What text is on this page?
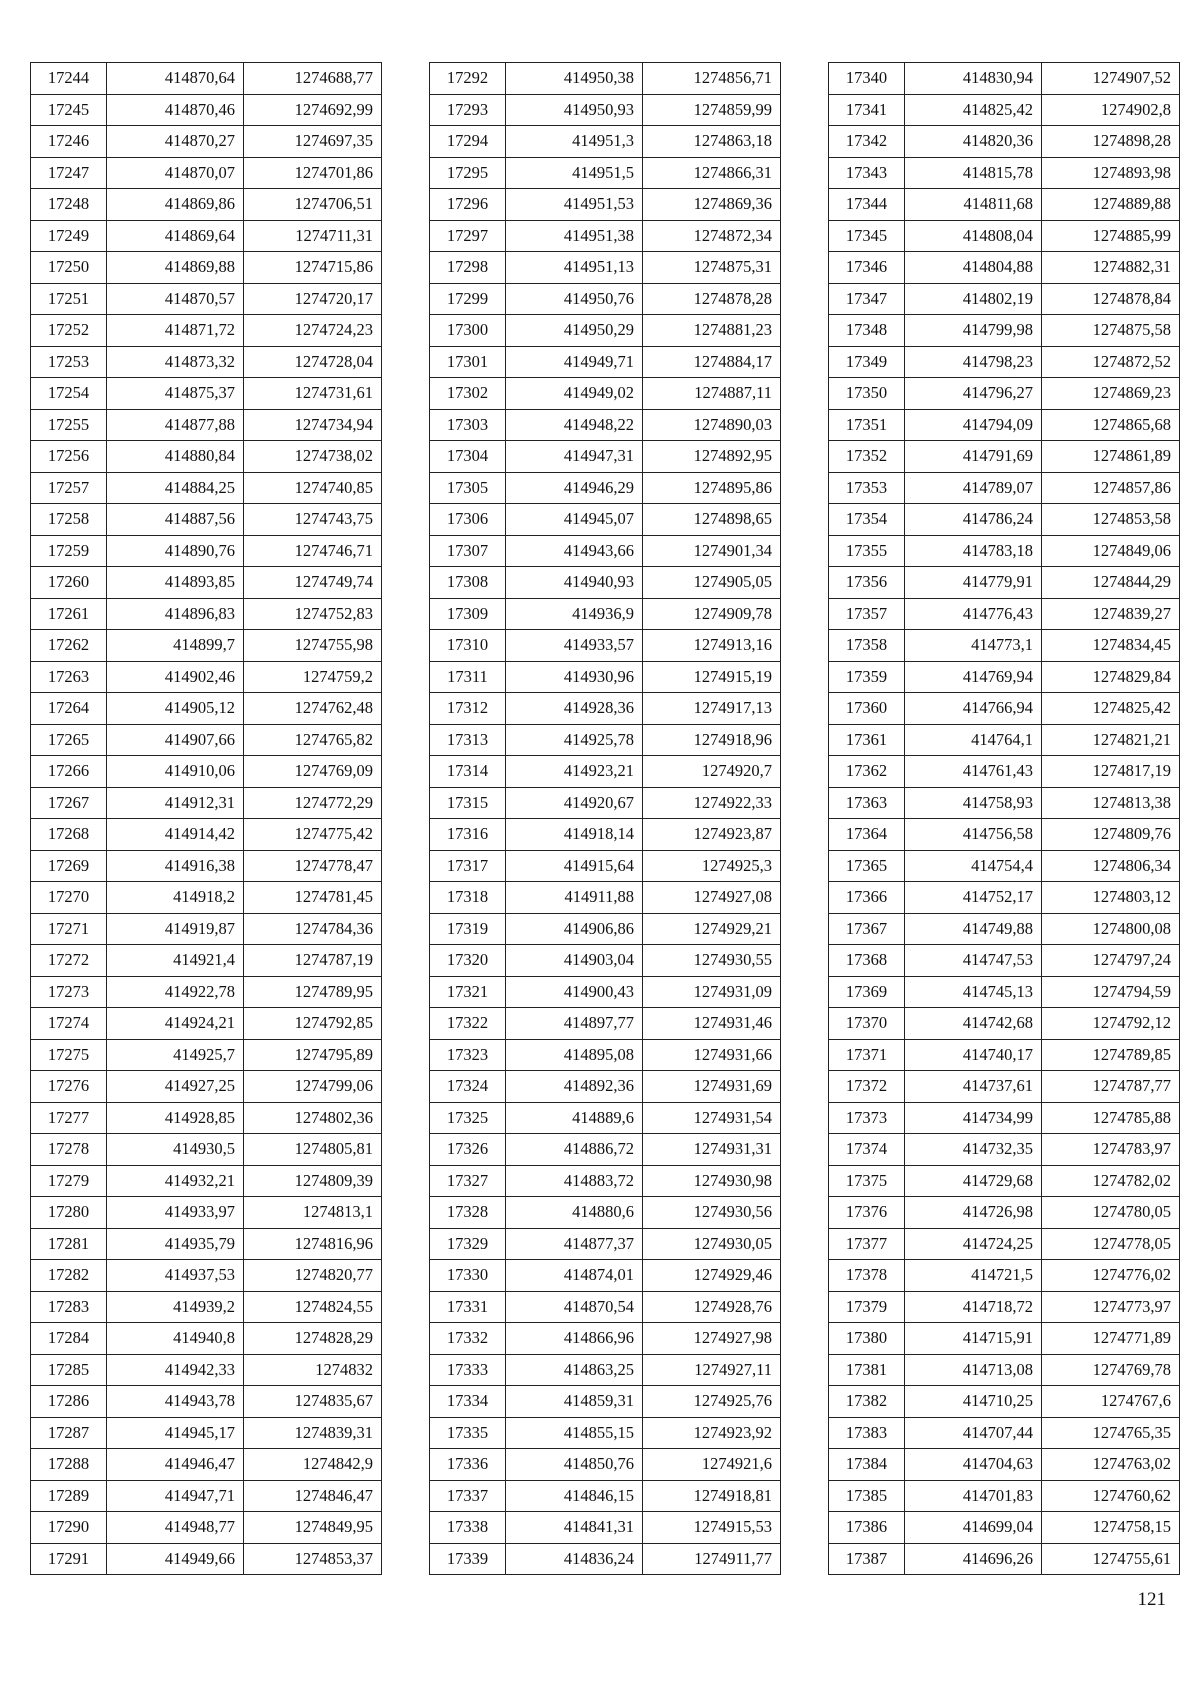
17244	414870,64	1274688,77
17245	414870,46	1274692,99
17246	414870,27	1274697,35
17247	414870,07	1274701,86
17248	414869,86	1274706,51
17249	414869,64	1274711,31
17250	414869,88	1274715,86
17251	414870,57	1274720,17
17252	414871,72	1274724,23
17253	414873,32	1274728,04
17254	414875,37	1274731,61
17255	414877,88	1274734,94
17256	414880,84	1274738,02
17257	414884,25	1274740,85
17258	414887,56	1274743,75
17259	414890,76	1274746,71
17260	414893,85	1274749,74
17261	414896,83	1274752,83
17262	414899,7	1274755,98
17263	414902,46	1274759,2
17264	414905,12	1274762,48
17265	414907,66	1274765,82
17266	414910,06	1274769,09
17267	414912,31	1274772,29
17268	414914,42	1274775,42
17269	414916,38	1274778,47
17270	414918,2	1274781,45
17271	414919,87	1274784,36
17272	414921,4	1274787,19
17273	414922,78	1274789,95
17274	414924,21	1274792,85
17275	414925,7	1274795,89
17276	414927,25	1274799,06
17277	414928,85	1274802,36
17278	414930,5	1274805,81
17279	414932,21	1274809,39
17280	414933,97	1274813,1
17281	414935,79	1274816,96
17282	414937,53	1274820,77
17283	414939,2	1274824,55
17284	414940,8	1274828,29
17285	414942,33	1274832
17286	414943,78	1274835,67
17287	414945,17	1274839,31
17288	414946,47	1274842,9
17289	414947,71	1274846,47
17290	414948,77	1274849,95
17291	414949,66	1274853,37
17292	414950,38	1274856,71
17293	414950,93	1274859,99
17294	414951,3	1274863,18
17295	414951,5	1274866,31
17296	414951,53	1274869,36
17297	414951,38	1274872,34
17298	414951,13	1274875,31
17299	414950,76	1274878,28
17300	414950,29	1274881,23
17301	414949,71	1274884,17
17302	414949,02	1274887,11
17303	414948,22	1274890,03
17304	414947,31	1274892,95
17305	414946,29	1274895,86
17306	414945,07	1274898,65
17307	414943,66	1274901,34
17308	414940,93	1274905,05
17309	414936,9	1274909,78
17310	414933,57	1274913,16
17311	414930,96	1274915,19
17312	414928,36	1274917,13
17313	414925,78	1274918,96
17314	414923,21	1274920,7
17315	414920,67	1274922,33
17316	414918,14	1274923,87
17317	414915,64	1274925,3
17318	414911,88	1274927,08
17319	414906,86	1274929,21
17320	414903,04	1274930,55
17321	414900,43	1274931,09
17322	414897,77	1274931,46
17323	414895,08	1274931,66
17324	414892,36	1274931,69
17325	414889,6	1274931,54
17326	414886,72	1274931,31
17327	414883,72	1274930,98
17328	414880,6	1274930,56
17329	414877,37	1274930,05
17330	414874,01	1274929,46
17331	414870,54	1274928,76
17332	414866,96	1274927,98
17333	414863,25	1274927,11
17334	414859,31	1274925,76
17335	414855,15	1274923,92
17336	414850,76	1274921,6
17337	414846,15	1274918,81
17338	414841,31	1274915,53
17339	414836,24	1274911,77
17340	414830,94	1274907,52
17341	414825,42	1274902,8
17342	414820,36	1274898,28
17343	414815,78	1274893,98
17344	414811,68	1274889,88
17345	414808,04	1274885,99
17346	414804,88	1274882,31
17347	414802,19	1274878,84
17348	414799,98	1274875,58
17349	414798,23	1274872,52
17350	414796,27	1274869,23
17351	414794,09	1274865,68
17352	414791,69	1274861,89
17353	414789,07	1274857,86
17354	414786,24	1274853,58
17355	414783,18	1274849,06
17356	414779,91	1274844,29
17357	414776,43	1274839,27
17358	414773,1	1274834,45
17359	414769,94	1274829,84
17360	414766,94	1274825,42
17361	414764,1	1274821,21
17362	414761,43	1274817,19
17363	414758,93	1274813,38
17364	414756,58	1274809,76
17365	414754,4	1274806,34
17366	414752,17	1274803,12
17367	414749,88	1274800,08
17368	414747,53	1274797,24
17369	414745,13	1274794,59
17370	414742,68	1274792,12
17371	414740,17	1274789,85
17372	414737,61	1274787,77
17373	414734,99	1274785,88
17374	414732,35	1274783,97
17375	414729,68	1274782,02
17376	414726,98	1274780,05
17377	414724,25	1274778,05
17378	414721,5	1274776,02
17379	414718,72	1274773,97
17380	414715,91	1274771,89
17381	414713,08	1274769,78
17382	414710,25	1274767,6
17383	414707,44	1274765,35
17384	414704,63	1274763,02
17385	414701,83	1274760,62
17386	414699,04	1274758,15
17387	414696,26	1274755,61
121
